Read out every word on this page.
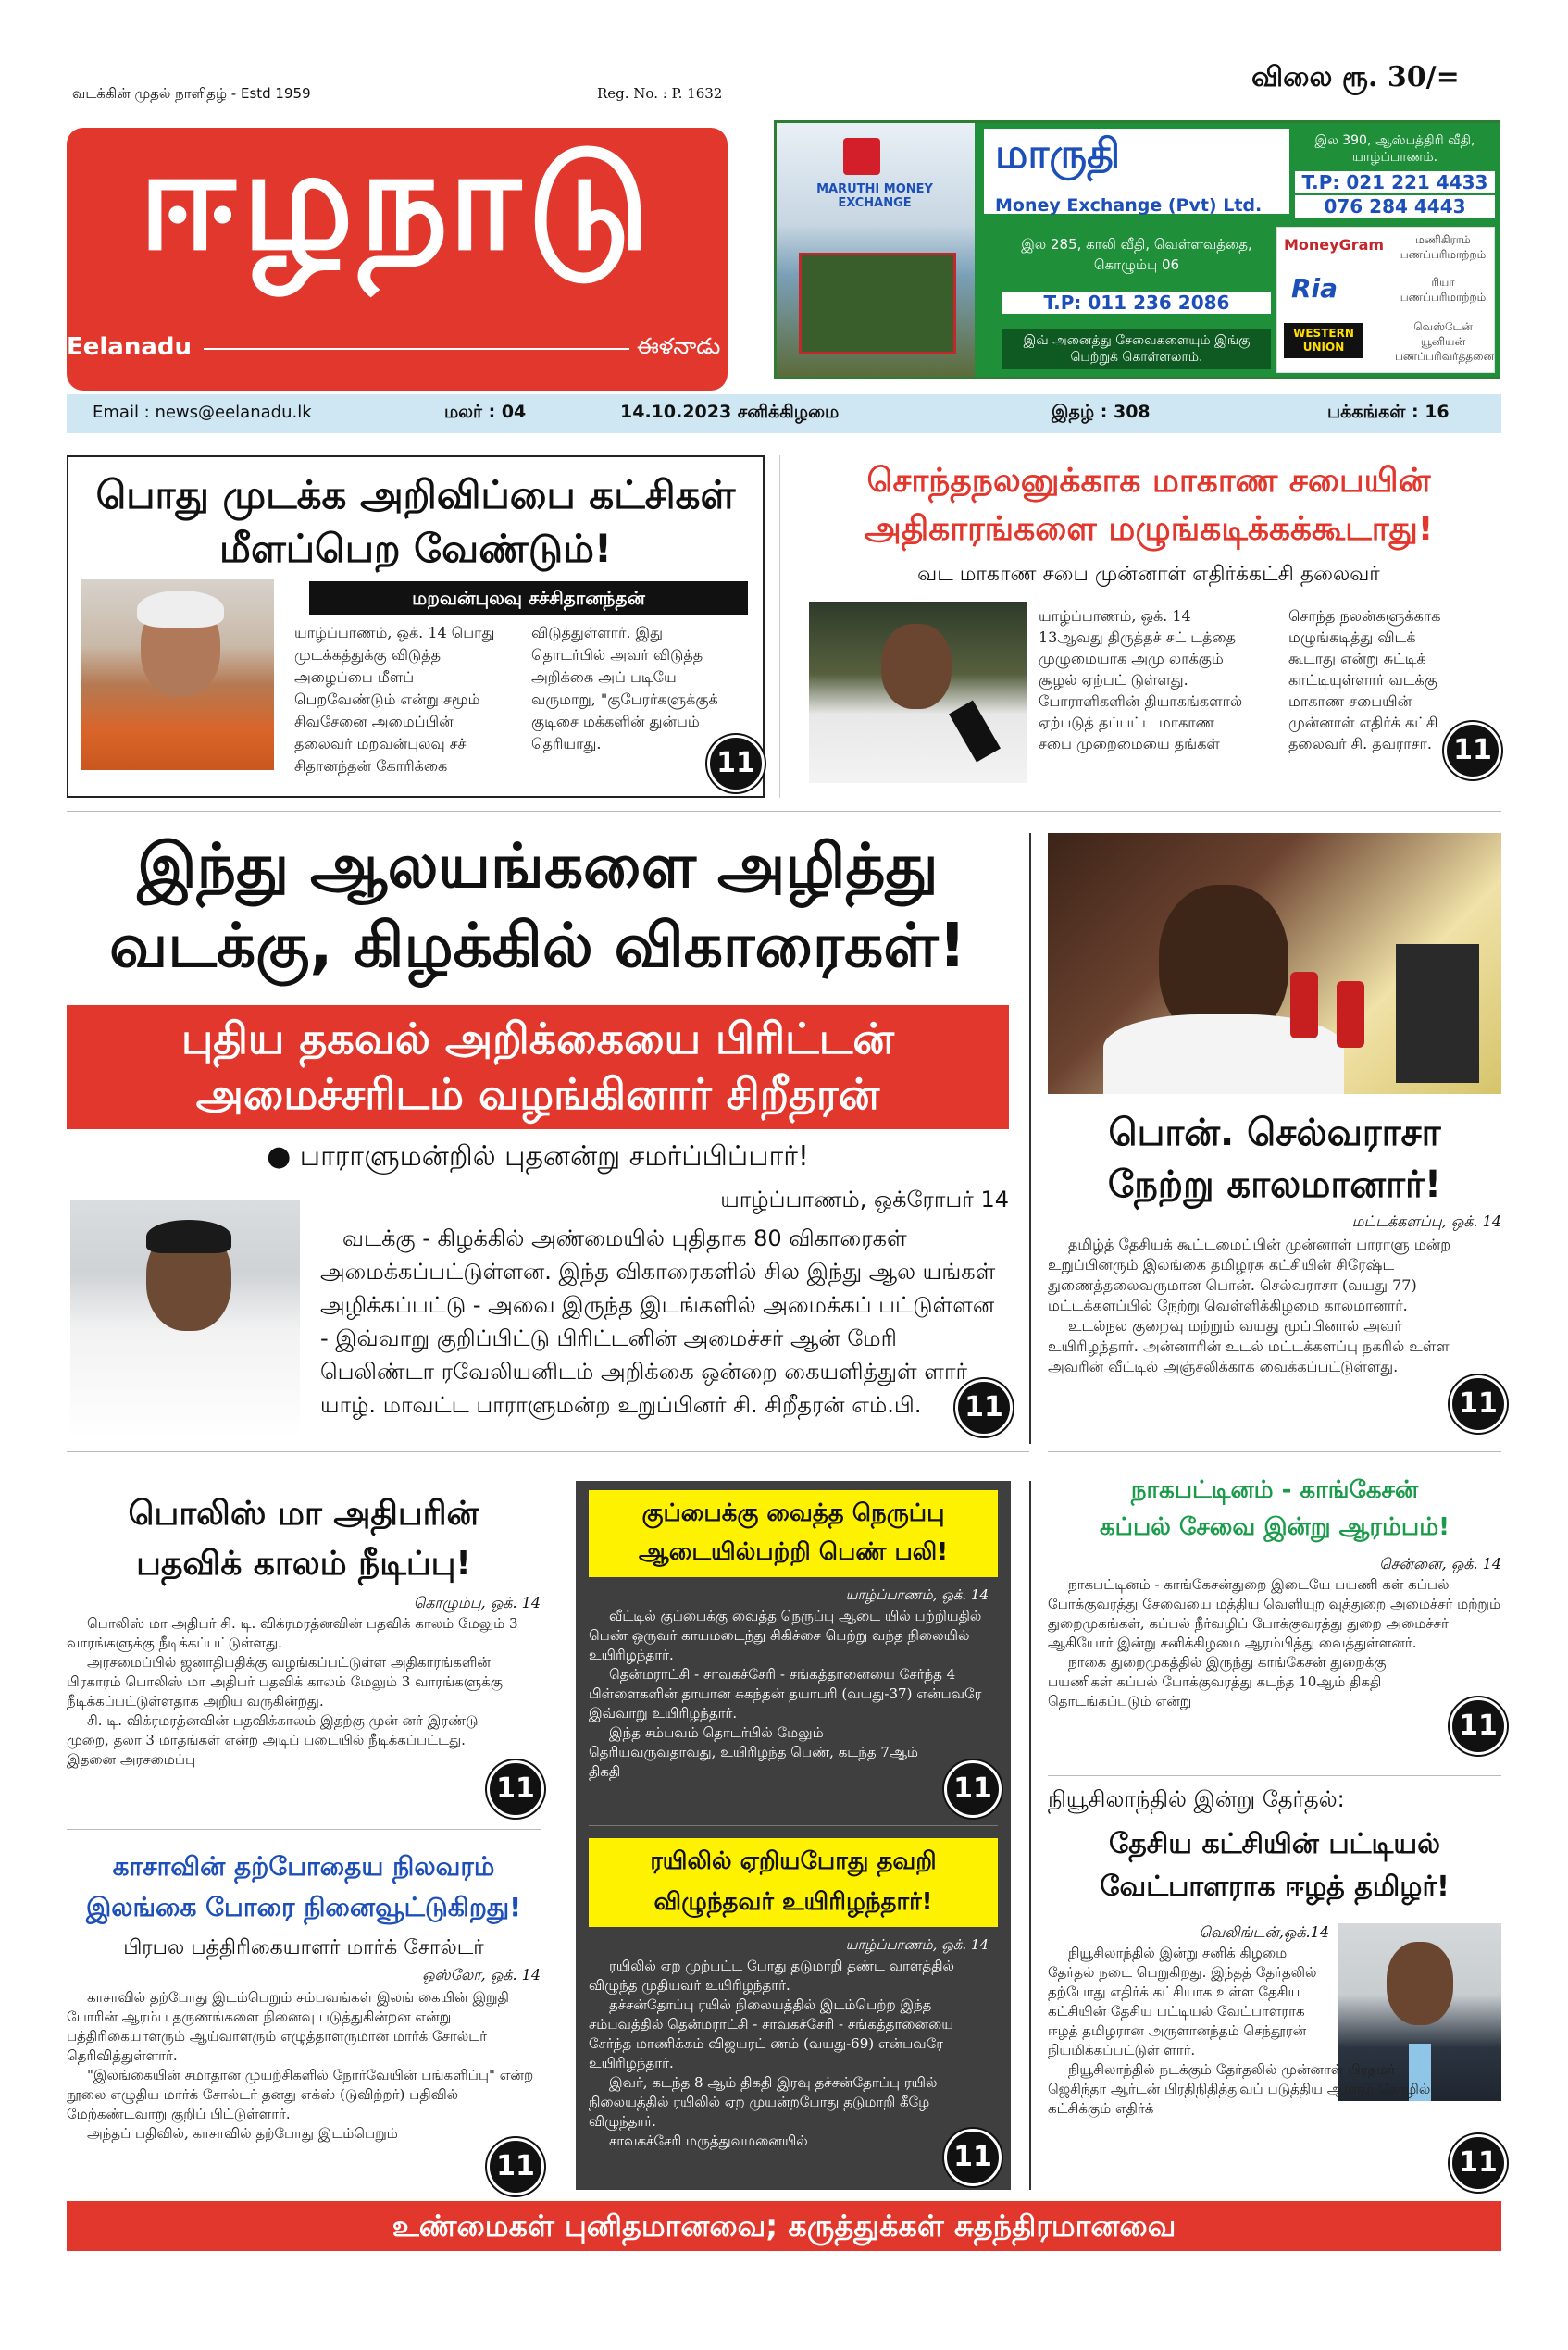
வடக்கின் முதல் நாளிதழ் - Estd 1959	Reg. No. : P. 1632	விலை ரூ. 30/=
ஈழநாடு
Eelanadu	ఈళనాడు
MARUTHI MONEY EXCHANGE
மாருதி
Money Exchange (Pvt) Ltd.
இல 390, ஆஸ்பத்திரி வீதி, யாழ்ப்பாணம்.
T.P: 021 221 4433
076 284 4443
இல 285, காலி வீதி, வெள்ளவத்தை, கொழும்பு 06
T.P: 011 236 2086
இவ் அனைத்து சேவைகளையும் இங்கு பெற்றுக் கொள்ளலாம்.
MoneyGram	மணிகிராம் பணப்பரிமாற்றம்
Ria	ரியா பணப்பரிமாற்றம்
WESTERN UNION
வெஸ்டேன் யூனியன் பணப்பரிவர்த்தனை
Email : news@eelanadu.lk	மலர் : 04	14.10.2023 சனிக்கிழமை	இதழ் : 308	பக்கங்கள் : 16
பொது முடக்க அறிவிப்பை கட்சிகள் மீளப்பெற வேண்டும்!
மறவன்புலவு சச்சிதானந்தன்
யாழ்ப்பாணம், ஒக். 14 பொது முடக்கத்துக்கு விடுத்த அழைப்பை மீளப் பெறவேண்டும் என்று சமூம் சிவசேனை அமைப்பின் தலைவர் மறவன்புலவு சச் சிதானந்தன் கோரிக்கை
விடுத்துள்ளார். இது தொடர்பில் அவர் விடுத்த அறிக்கை அப் படியே வருமாறு, "குபேரர்களுக்குக் குடிசை மக்களின் துன்பம் தெரியாது.
11
சொந்தநலனுக்காக மாகாண சபையின் அதிகாரங்களை மழுங்கடிக்கக்கூடாது!
வட மாகாண சபை முன்னாள் எதிர்க்கட்சி தலைவர்
யாழ்ப்பாணம், ஒக். 14 13ஆவது திருத்தச் சட் டத்தை முழுமையாக அமு லாக்கும் சூழல் ஏற்பட் டுள்ளது. போராளிகளின் தியாகங்களால் ஏற்படுத் தப்பட்ட மாகாண சபை முறைமையை தங்கள்
சொந்த நலன்களுக்காக மழுங்கடித்து விடக் கூடாது என்று சுட்டிக் காட்டியுள்ளார் வடக்கு மாகாண சபையின் முன்னாள் எதிர்க் கட்சி தலைவர் சி. தவராசா. 11
இந்து ஆலயங்களை அழித்து
வடக்கு, கிழக்கில் விகாரைகள்!
புதிய தகவல் அறிக்கையை பிரிட்டன்
அமைச்சரிடம் வழங்கினார் சிறீதரன்
● பாராளுமன்றில் புதனன்று சமர்ப்பிப்பார்!
யாழ்ப்பாணம், ஒக்ரோபர் 14
வடக்கு - கிழக்கில் அண்மையில் புதிதாக 80 விகாரைகள் அமைக்கப்பட்டுள்ளன. இந்த விகாரைகளில் சில இந்து ஆல யங்கள் அழிக்கப்பட்டு - அவை இருந்த இடங்களில் அமைக்கப் பட்டுள்ளன - இவ்வாறு குறிப்பிட்டு பிரிட்டனின் அமைச்சர் ஆன் மேரி பெலிண்டா ரவேலியனிடம் அறிக்கை ஒன்றை கையளித்துள் ளார் யாழ். மாவட்ட பாராளுமன்ற உறுப்பினர் சி. சிறீதரன் எம்.பி.	11
பொன். செல்வராசா
நேற்று காலமானார்!
மட்டக்களப்பு, ஒக். 14

தமிழ்த் தேசியக் கூட்டமைப்பின் முன்னாள் பாராளு மன்ற உறுப்பினரும் இலங்கை தமிழரசு கட்சியின் சிரேஷ்ட துணைத்தலைவருமான பொன். செல்வராசா (வயது 77) மட்டக்களப்பில் நேற்று வெள்ளிக்கிழமை காலமானார்.

உடல்நல குறைவு மற்றும் வயது மூப்பினால் அவர் உயிரிழந்தார். அன்னாரின் உடல் மட்டக்களப்பு நகரில் உள்ள அவரின் வீட்டில் அஞ்சலிக்காக வைக்கப்பட்டுள்ளது.

11
பொலிஸ் மா அதிபரின்
பதவிக் காலம் நீடிப்பு!
கொழும்பு, ஒக். 14

பொலிஸ் மா அதிபர் சி. டி. விக்ரமரத்னவின் பதவிக் காலம் மேலும் 3 வாரங்களுக்கு நீடிக்கப்பட்டுள்ளது.

அரசமைப்பில் ஜனாதிபதிக்கு வழங்கப்பட்டுள்ள அதிகாரங்களின் பிரகாரம் பொலிஸ் மா அதிபர் பதவிக் காலம் மேலும் 3 வாரங்களுக்கு நீடிக்கப்பட்டுள்ளதாக அறிய வருகின்றது.

சி. டி. விக்ரமரத்னவின் பதவிக்காலம் இதற்கு முன் னர் இரண்டு முறை, தலா 3 மாதங்கள் என்ற அடிப் படையில் நீடிக்கப்பட்டது. இதனை அரசமைப்பு

11
காசாவின் தற்போதைய நிலவரம்
இலங்கை போரை நினைவூட்டுகிறது!
பிரபல பத்திரிகையாளர் மார்க் சோல்டர்
ஒஸ்லோ, ஒக். 14

காசாவில் தற்போது இடம்பெறும் சம்பவங்கள் இலங் கையின் இறுதி போரின் ஆரம்ப தருணங்களை நினைவு படுத்துகின்றன என்று பத்திரிகையாளரும் ஆய்வாளரும் எழுத்தாளருமான மார்க் சோல்டர் தெரிவித்துள்ளார்.

"இலங்கையின் சமாதான முயற்சிகளில் நோர்வேயின் பங்களிப்பு" என்ற நூலை எழுதிய மார்க் சோல்டர் தனது எக்ஸ் (டுவிற்றர்) பதிவில் மேற்கண்டவாறு குறிப் பிட்டுள்ளார்.

அந்தப் பதிவில், காசாவில் தற்போது இடம்பெறும்

11
குப்பைக்கு வைத்த நெருப்பு
ஆடையில்பற்றி பெண் பலி!
யாழ்ப்பாணம், ஒக். 14

வீட்டில் குப்பைக்கு வைத்த நெருப்பு ஆடை யில் பற்றியதில் பெண் ஒருவர் காயமடைந்து சிகிச்சை பெற்று வந்த நிலையில் உயிரிழந்தார்.

தென்மராட்சி - சாவகச்சேரி - சங்கத்தானையை சேர்ந்த 4 பிள்ளைகளின் தாயான சுகந்தன் தயாபரி (வயது-37) என்பவரே இவ்வாறு உயிரிழந்தார்.

இந்த சம்பவம் தொடர்பில் மேலும் தெரியவருவதாவது, உயிரிழந்த பெண், கடந்த 7ஆம் திகதி

11
ரயிலில் ஏறியபோது தவறி
விழுந்தவர் உயிரிழந்தார்!
யாழ்ப்பாணம், ஒக். 14

ரயிலில் ஏற முற்பட்ட போது தடுமாறி தண்ட வாளத்தில் விழுந்த முதியவர் உயிரிழந்தார்.

தச்சன்தோப்பு ரயில் நிலையத்தில் இடம்பெற்ற இந்த சம்பவத்தில் தென்மராட்சி - சாவகச்சேரி - சங்கத்தானையை சேர்ந்த மாணிக்கம் விஜயரட் ணம் (வயது-69) என்பவரே உயிரிழந்தார்.

இவர், கடந்த 8 ஆம் திகதி இரவு தச்சன்தோப்பு ரயில் நிலையத்தில் ரயிலில் ஏற முயன்றபோது தடுமாறி கீழே விழுந்தார்.

சாவகச்சேரி மருத்துவமனையில்	11
நாகபட்டினம் - காங்கேசன்
கப்பல் சேவை இன்று ஆரம்பம்!
சென்னை, ஒக். 14

நாகபட்டினம் - காங்கேசன்துறை இடையே பயணி கள் கப்பல் போக்குவரத்து சேவையை மத்திய வெளியுற வுத்துறை அமைச்சர் மற்றும் துறைமுகங்கள், கப்பல் நீர்வழிப் போக்குவரத்து துறை அமைச்சர் ஆகியோர் இன்று சனிக்கிழமை ஆரம்பித்து வைத்துள்ளனர்.

நாகை துறைமுகத்தில் இருந்து காங்கேசன் துறைக்கு பயணிகள் கப்பல் போக்குவரத்து கடந்த 10ஆம் திகதி தொடங்கப்படும் என்று

11
நியூசிலாந்தில் இன்று தேர்தல்:
தேசிய கட்சியின் பட்டியல்
வேட்பாளராக ஈழத் தமிழர்!
வெலிங்டன்,ஒக்.14

நியூசிலாந்தில் இன்று சனிக் கிழமை தேர்தல் நடை பெறுகிறது. இந்தத் தேர்தலில் தற்போது எதிர்க் கட்சியாக உள்ள தேசிய கட்சியின் தேசிய பட்டியல் வேட்பாளராக ஈழத் தமிழரான அருளானந்தம் செந்தூரன் நியமிக்கப்பட்டுள் ளார்.

நியூசிலாந்தில் நடக்கும் தேர்தலில் முன்னாள் பிரதமர் ஜெசிந்தா ஆர்டன் பிரதிநிதித்துவப் படுத்திய ஆளும் தொழில் கட்சிக்கும் எதிர்க்

11
உண்மைகள் புனிதமானவை; கருத்துக்கள் சுதந்திரமானவை
